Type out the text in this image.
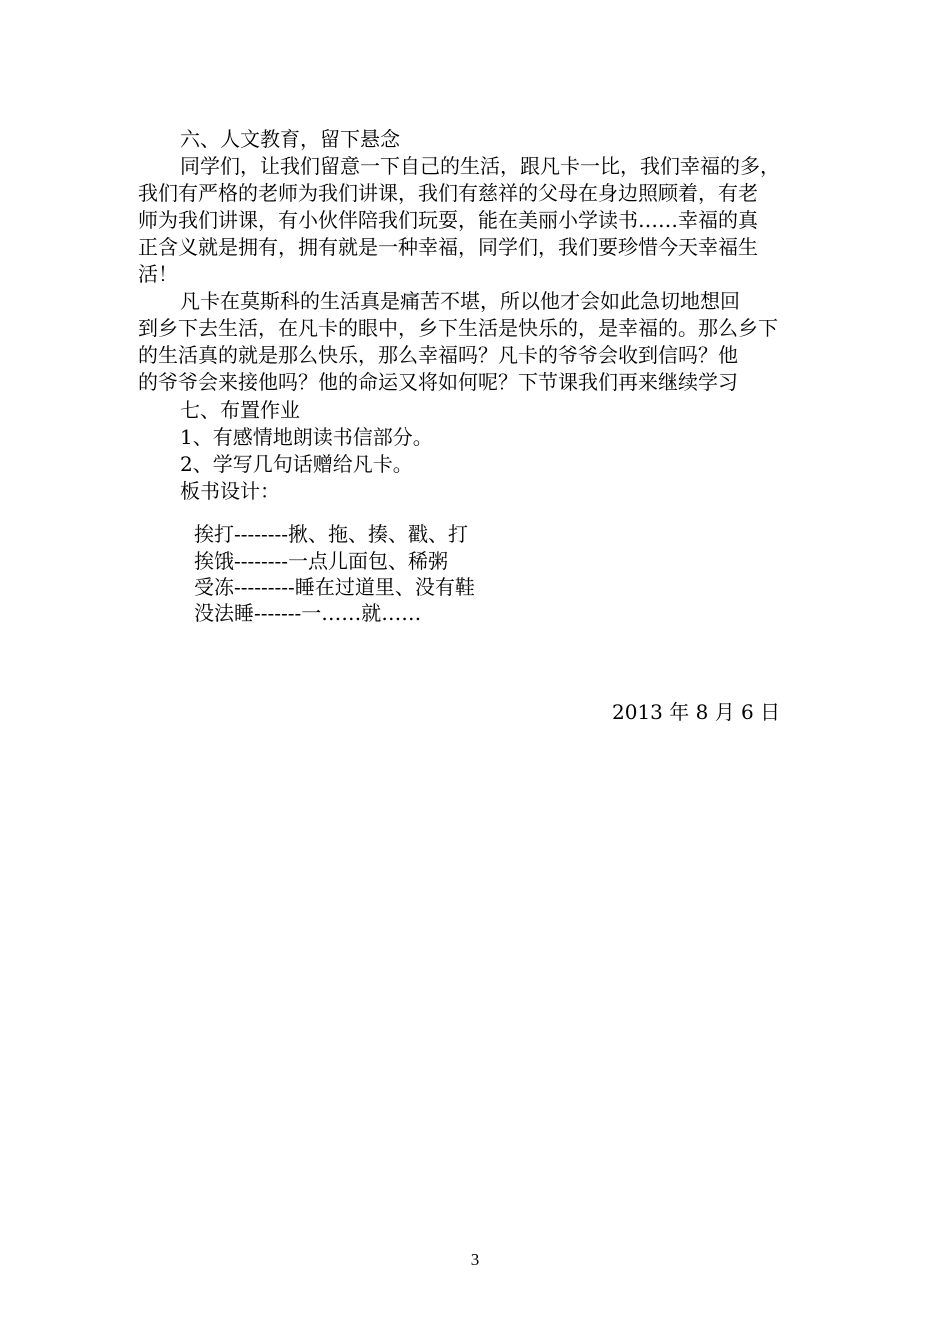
六、人文教育，留下悬念
同学们，让我们留意一下自己的生活，跟凡卡一比，我们幸福的多，
我们有严格的老师为我们讲课，我们有慈祥的父母在身边照顾着，有老
师为我们讲课，有小伙伴陪我们玩耍，能在美丽小学读书……幸福的真
正含义就是拥有，拥有就是一种幸福，同学们，我们要珍惜今天幸福生
活！
凡卡在莫斯科的生活真是痛苦不堪，所以他才会如此急切地想回
到乡下去生活，在凡卡的眼中，乡下生活是快乐的，是幸福的。那么乡下
的生活真的就是那么快乐，那么幸福吗？凡卡的爷爷会收到信吗？他
的爷爷会来接他吗？他的命运又将如何呢？下节课我们再来继续学习
七、布置作业
1、有感情地朗读书信部分。
2、学写几句话赠给凡卡。
板书设计：
挨打--------揪、拖、揍、戳、打
挨饿--------一点儿面包、稀粥
受冻---------睡在过道里、没有鞋
没法睡-------一……就……
2013 年 8 月 6 日
3
